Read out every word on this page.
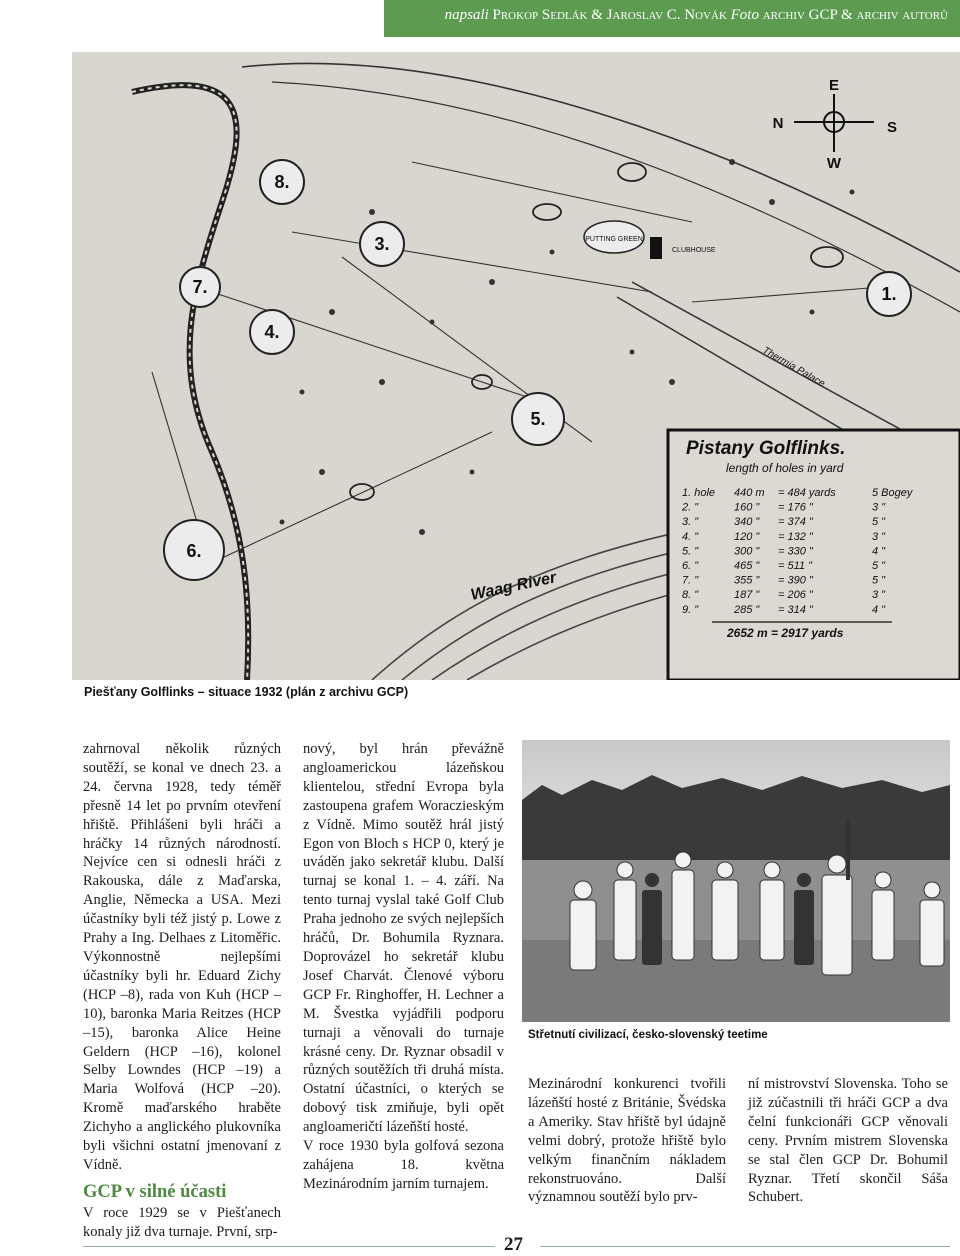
napsali Prokop Sedlák & Jaroslav C. Novák Foto archiv GCP & archiv autorů
8.
3.
7.
4.
5.
6.
1.
PUTTING GREEN
CLUBHOUSE
Thermia Palace
E
N	S
W
Waag River
Pistany Golflinks.
length of holes in yard
1. hole 440 m = 484 yards	5 Bogey
2. "	160 " = 176 "	3 "
3. "	340 " = 374 "	5 "
4. "	120 " = 132 "	3 "
5. "	300 " = 330 "	4 "
6. "	465 " = 511 "	5 "
7. "	355 " = 390 "	5 "
8. "	187 " = 206 "	3 "
9. "	285 " = 314 "	4 "
2652 m = 2917 yards
Piešťany Golflinks – situace 1932 (plán z archivu GCP)

zahrnoval několik různých soutěží, se konal ve dnech 23. a 24. června 1928, tedy téměř přesně 14 let po prvním otevření hřiště. Přihlášeni byli hráči a hráčky 14 různých národností. Nejvíce cen si odnesli hráči z Rakouska, dále z Maďarska, Anglie, Německa a USA. Mezi účastníky byli též jistý p. Lowe z Prahy a Ing. Delhaes z Litoměřic. Výkonnostně nejlepšími účastníky byli hr. Eduard Zichy (HCP –8), rada von Kuh (HCP –10), baronka Maria Reitzes (HCP –15), baronka Alice Heine Geldern (HCP –16), kolonel Selby Lowndes (HCP –19) a Maria Wolfová (HCP –20). Kromě maďarského hraběte Zichyho a anglického plukovníka byli všichni ostatní jmenovaní z Vídně.

GCP v silné účasti

V roce 1929 se v Piešťanech konaly již dva turnaje. První, srp-

nový, byl hrán převážně angloamerickou lázeňskou klientelou, střední Evropa byla zastoupena grafem Woraczieským z Vídně. Mimo soutěž hrál jistý Egon von Bloch s HCP 0, který je uváděn jako sekretář klubu. Další turnaj se konal 1. – 4. září. Na tento turnaj vyslal také Golf Club Praha jednoho ze svých nejlepších hráčů, Dr. Bohumila Ryznara. Doprovázel ho sekretář klubu Josef Charvát. Členové výboru GCP Fr. Ringhoffer, H. Lechner a M. Švestka vyjádřili podporu turnaji a věnovali do turnaje krásné ceny. Dr. Ryznar obsadil v různých soutěžích tři druhá místa. Ostatní účastníci, o kterých se dobový tisk zmiňuje, byli opět angloameričtí lázeňští hosté.

V roce 1930 byla golfová sezona zahájena 18. května Mezinárodním jarním turnajem.

Střetnutí civilizací, česko-slovenský teetime

Mezinárodní konkurenci tvořili lázeňští hosté z Británie, Švédska a Ameriky. Stav hřiště byl údajně velmi dobrý, protože hřiště bylo velkým finančním nákladem rekonstruováno. Další významnou soutěží bylo prv-

ní mistrovství Slovenska. Toho se již zúčastnili tři hráči GCP a dva čelní funkcionáři GCP věnovali ceny. Prvním mistrem Slovenska se stal člen GCP Dr. Bohumil Ryznar. Třetí skončil Sáša Schubert.

27
